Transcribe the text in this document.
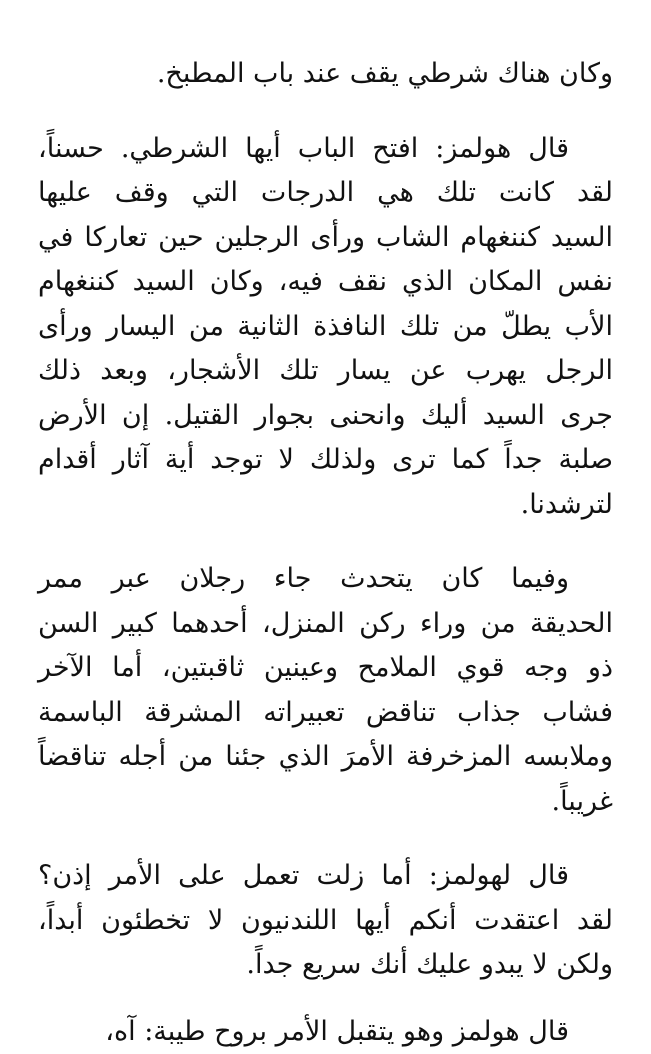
وكان هناك شرطي يقف عند باب المطبخ.

قال هولمز: افتح الباب أيها الشرطي. حسناً،
لقد كانت تلك هي الدرجات التي وقف عليها
السيد كننغهام الشاب ورأى الرجلين حين تعاركا في
نفس المكان الذي نقف فيه، وكان السيد كننغهام
الأب يطلّ من تلك النافذة الثانية من اليسار ورأى
الرجل يهرب عن يسار تلك الأشجار، وبعد ذلك
جرى السيد أليك وانحنى بجوار القتيل. إن الأرض
صلبة جداً كما ترى ولذلك لا توجد أية آثار أقدام
لترشدنا.

وفيما كان يتحدث جاء رجلان عبر ممر
الحديقة من وراء ركن المنزل، أحدهما كبير السن
ذو وجه قوي الملامح وعينين ثاقبتين، أما الآخر
فشاب جذاب تناقض تعبيراته المشرقة الباسمة
وملابسه المزخرفة الأمرَ الذي جئنا من أجله تناقضاً
غريباً.

قال لهولمز: أما زلت تعمل على الأمر إذن؟
لقد اعتقدت أنكم أيها اللندنيون لا تخطئون أبداً،
ولكن لا يبدو عليك أنك سريع جداً.

قال هولمز وهو يتقبل الأمر بروح طيبة: آه،
